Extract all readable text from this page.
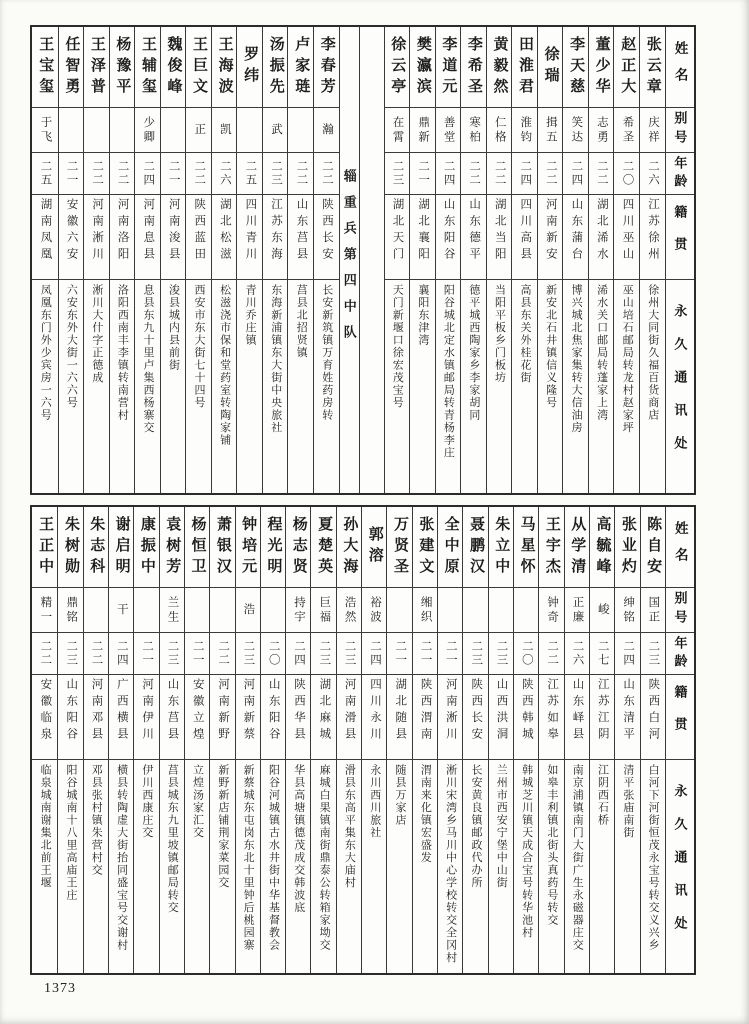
王宝玺
于飞
二五
湖南凤凰
凤凰东门外少宾房一六号
任智勇
二一
安徽六安
六安东外大街一六六号
王泽普
二二
河南淅川
淅川大什字正德成
杨豫平
二二
河南洛阳
洛阳西南丰李镇转南营村
王辅玺
少卿
二四
河南息县
息县东九十里卢集西杨寨交
魏俊峰
二一
河南浚县
浚县城内县前街
王巨文
正
二二
陕西蓝田
西安市东大街七十四号
王海波
凯
二六
湖北松滋
松滋浇市保和堂药室转陶家铺
罗纬
二五
四川青川
青川乔庄镇
汤振先
武
二三
江苏东海
东海新浦镇东大街中央旅社
卢家琏
二二
山东莒县
莒县北招贤镇
李春芳
瀚
二二
陕西长安
长安新筑镇万育姓药房转
辎重兵第四中队
徐云亭
在霄
二三
湖北天门
天门新堰口徐宏茂宝号
樊瀛滨
鼎新
二一
湖北襄阳
襄阳东津湾
李道元
善堂
二四
山东阳谷
阳谷城北定水镇邮局转青杨李庄
李希圣
寒柏
二二
山东德平
德平城西陶家乡李家胡同
黄毅然
仁格
二二
湖北当阳
当阳平板乡门板坊
田淮君
淮钧
二四
四川高县
高县东关外桂花街
徐瑞
揖五
二二
河南新安
新安北石井镇信义隆号
李天慈
笑达
二四
山东蒲台
博兴城北焦家集转大信油房
董少华
志勇
二二
湖北浠水
浠水关口邮局转蓬家上湾
赵正大
希圣
二〇
四川巫山
巫山培石邮局转龙村赵家坪
张云章
庆祥
二六
江苏徐州
徐州大同街久福百货商店
姓名
别号
年龄
籍贯
永久通讯处
王正中
精一
二二
安徽临泉
临泉城南谢集北前王堰
朱树勋
鼎铭
二三
山东阳谷
阳谷城南十八里高庙王庄
朱志科
二二
河南邓县
邓县张村镇朱营村交
谢启明
干
二四
广西横县
横县转陶虚大街抬同盛宝号交谢村
康振中
二一
河南伊川
伊川西康庄交
袁树芳
兰生
二三
山东莒县
莒县城东九里坡镇邮局转交
杨恒卫
二一
安徽立煌
立煌汤家汇交
萧银汉
二二
河南新野
新野新店铺荆家菜园交
钟培元
浩
二三
河南新蔡
新蔡城东屯岗东北十里钟后桃园寨
程光明
二〇
山东阳谷
阳谷河城镇古水井街中华基督教会
杨志贤
持宇
二四
陕西华县
华县高塘镇德茂成交韩波底
夏楚英
巨福
二三
湖北麻城
麻城白果镇南街鼎泰公转箱家坳交
孙大海
浩然
二三
河南滑县
滑县东高平集东大庙村
郭溶
裕波
二四
四川永川
永川西川旅社
万贤圣
二一
湖北随县
随县万家店
张建文
缃织
二一
陕西渭南
渭南来化镇宏盛发
全中原
二一
河南淅川
淅川宋湾乡马川中心学校转交全冈村
聂鹏汉
二三
陕西长安
长安黄良镇邮政代办所
朱立中
二三
山西洪洞
兰州市西安宁堡中山街
马星怀
二〇
陕西韩城
韩城芝川镇天成合宝号转华池村
王宇杰
钟奇
二二
江苏如皋
如皋丰利镇北街头真药号转交
从学清
正廉
二六
山东峄县
南京浦镇南门大街广生永磁器庄交
高毓峰
峻
二七
江苏江阴
江阴西石桥
张业灼
绅铭
二四
山东清平
清平张庙南街
陈自安
国正
二三
陕西白河
白河下河街恒茂永宝号转交义兴乡
姓名
别号
年龄
籍贯
永久通讯处
1373
